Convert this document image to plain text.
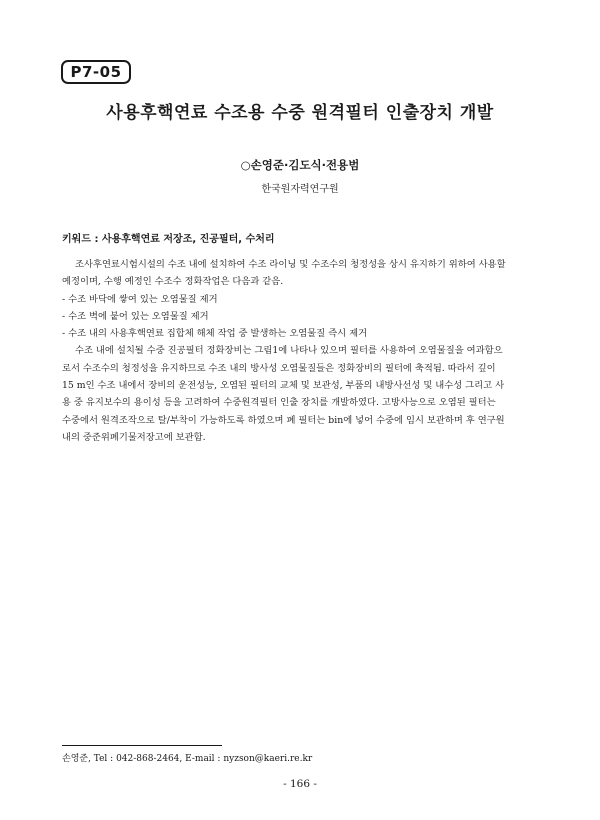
P7-05
사용후핵연료 수조용 수중 원격필터 인출장치 개발
○손영준·김도식·전용범
한국원자력연구원
키워드 : 사용후핵연료 저장조, 진공필터, 수처리
조사후연료시험시설의 수조 내에 설치하여 수조 라이닝 및 수조수의 청정성을 상시 유지하기 위하여 사용할
예정이며, 수행 예정인 수조수 정화작업은 다음과 같음.
- 수조 바닥에 쌓여 있는 오염물질 제거
- 수조 벽에 붙어 있는 오염물질 제거
- 수조 내의 사용후핵연료 집합체 해체 작업 중 발생하는 오염물질 즉시 제거
수조 내에 설치될 수중 진공필터 정화장비는 그림1에 나타나 있으며 필터를 사용하여 오염물질을 여과함으
로서 수조수의 청정성을 유지하므로 수조 내의 방사성 오염물질들은 정화장비의 필터에 축적됨. 따라서 깊이
15 m인 수조 내에서 장비의 운전성능, 오염된 필터의 교체 및 보관성, 부품의 내방사선성 및 내수성 그리고 사
용 중 유지보수의 용이성 등을 고려하여 수중원격필터 인출 장치를 개발하였다. 고방사능으로 오염된 필터는
수중에서 원격조작으로 탈/부착이 가능하도록 하였으며 폐 필터는 bin에 넣어 수중에 임시 보관하며 후 연구원
내의 중준위폐기물저장고에 보관함.
손영준, Tel : 042-868-2464, E-mail : nyzson@kaeri.re.kr
- 166 -
